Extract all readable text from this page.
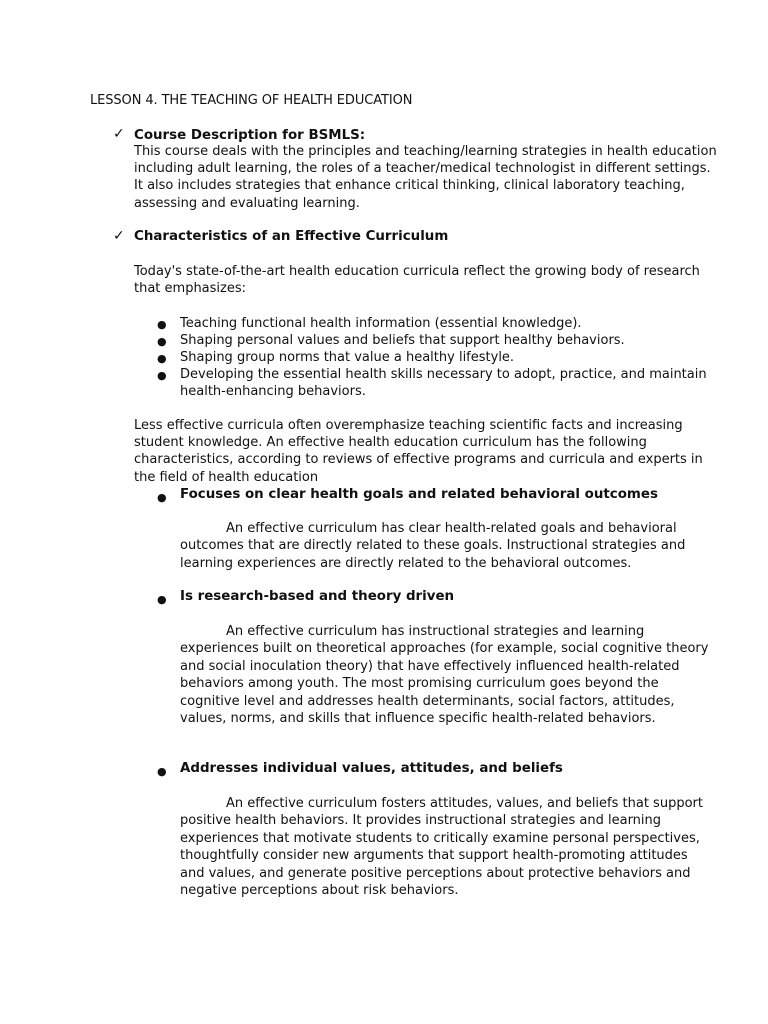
LESSON 4. THE TEACHING OF HEALTH EDUCATION
✓ Course Description for BSMLS:
This course deals with the principles and teaching/learning strategies in health education
including adult learning, the roles of a teacher/medical technologist in different settings.
It also includes strategies that enhance critical thinking, clinical laboratory teaching,
assessing and evaluating learning.
✓ Characteristics of an Effective Curriculum
Today's state-of-the-art health education curricula reflect the growing body of research
that emphasizes:
● Teaching functional health information (essential knowledge).
● Shaping personal values and beliefs that support healthy behaviors.
● Shaping group norms that value a healthy lifestyle.
● Developing the essential health skills necessary to adopt, practice, and maintain
health-enhancing behaviors.
Less effective curricula often overemphasize teaching scientific facts and increasing
student knowledge. An effective health education curriculum has the following
characteristics, according to reviews of effective programs and curricula and experts in
the field of health education
● Focuses on clear health goals and related behavioral outcomes
An effective curriculum has clear health-related goals and behavioral
outcomes that are directly related to these goals. Instructional strategies and
learning experiences are directly related to the behavioral outcomes.
● Is research-based and theory driven
An effective curriculum has instructional strategies and learning
experiences built on theoretical approaches (for example, social cognitive theory
and social inoculation theory) that have effectively influenced health-related
behaviors among youth. The most promising curriculum goes beyond the
cognitive level and addresses health determinants, social factors, attitudes,
values, norms, and skills that influence specific health-related behaviors.
● Addresses individual values, attitudes, and beliefs
An effective curriculum fosters attitudes, values, and beliefs that support
positive health behaviors. It provides instructional strategies and learning
experiences that motivate students to critically examine personal perspectives,
thoughtfully consider new arguments that support health-promoting attitudes
and values, and generate positive perceptions about protective behaviors and
negative perceptions about risk behaviors.
